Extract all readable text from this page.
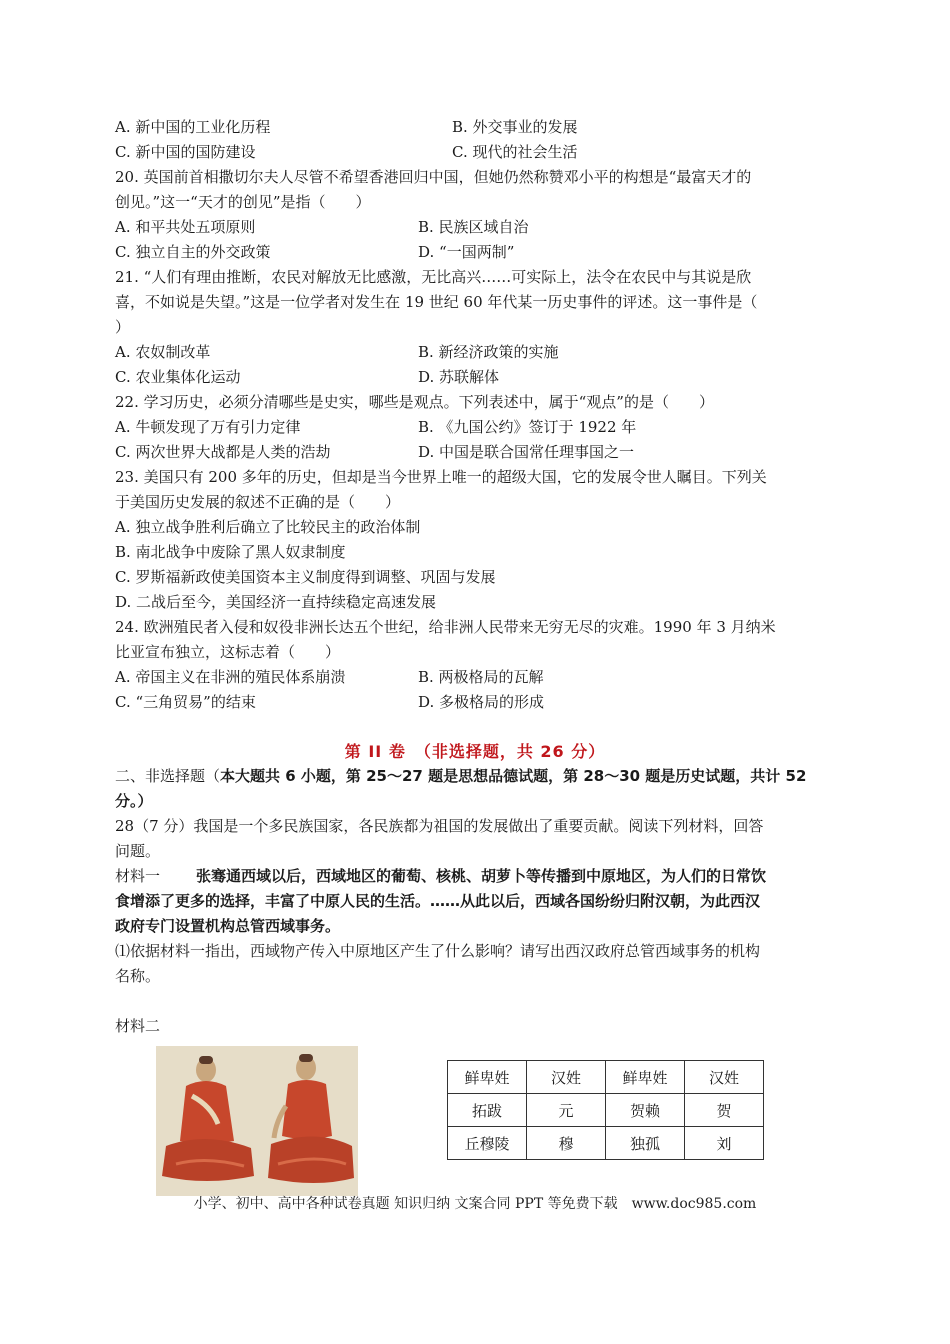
A. 新中国的工业化历程	B. 外交事业的发展
C. 新中国的国防建设	C. 现代的社会生活
20. 英国前首相撒切尔夫人尽管不希望香港回归中国，但她仍然称赞邓小平的构想是“最富天才的
创见。”这一“天才的创见”是指（　　）
A. 和平共处五项原则	B. 民族区域自治
C. 独立自主的外交政策	D. “一国两制”
21. “人们有理由推断，农民对解放无比感激，无比高兴……可实际上，法令在农民中与其说是欣
喜，不如说是失望。”这是一位学者对发生在 19 世纪 60 年代某一历史事件的评述。这一事件是（
）
A. 农奴制改革	B. 新经济政策的实施
C. 农业集体化运动	D. 苏联解体
22. 学习历史，必须分清哪些是史实，哪些是观点。下列表述中，属于“观点”的是（　　）
A. 牛顿发现了万有引力定律	B. 《九国公约》签订于 1922 年
C. 两次世界大战都是人类的浩劫	D. 中国是联合国常任理事国之一
23. 美国只有 200 多年的历史，但却是当今世界上唯一的超级大国，它的发展令世人瞩目。下列关
于美国历史发展的叙述不正确的是（　　）
A. 独立战争胜利后确立了比较民主的政治体制
B. 南北战争中废除了黑人奴隶制度
C. 罗斯福新政使美国资本主义制度得到调整、巩固与发展
D. 二战后至今，美国经济一直持续稳定高速发展
24. 欧洲殖民者入侵和奴役非洲长达五个世纪，给非洲人民带来无穷无尽的灾难。1990 年 3 月纳米
比亚宣布独立，这标志着（　　）
A. 帝国主义在非洲的殖民体系崩溃	B. 两极格局的瓦解
C. “三角贸易”的结束	D. 多极格局的形成
第 II 卷　（非选择题，共 26 分）
二、非选择题（本大题共 6 小题，第 25～27 题是思想品德试题，第 28～30 题是历史试题，共计 52
分。）
28（7 分）我国是一个多民族国家，各民族都为祖国的发展做出了重要贡献。阅读下列材料，回答
问题。
材料一 张骞通西域以后，西域地区的葡萄、核桃、胡萝卜等传播到中原地区，为人们的日常饮
食增添了更多的选择，丰富了中原人民的生活。……从此以后，西域各国纷纷归附汉朝，为此西汉
政府专门设置机构总管西域事务。
⑴依据材料一指出，西域物产传入中原地区产生了什么影响？请写出西汉政府总管西域事务的机构
名称。
材料二
鲜卑姓	汉姓	鲜卑姓	汉姓
拓跋	元	贺赖	贺
丘穆陵	穆	独孤	刘
小学、初中、高中各种试卷真题 知识归纳 文案合同 PPT 等免费下载　www.doc985.com
